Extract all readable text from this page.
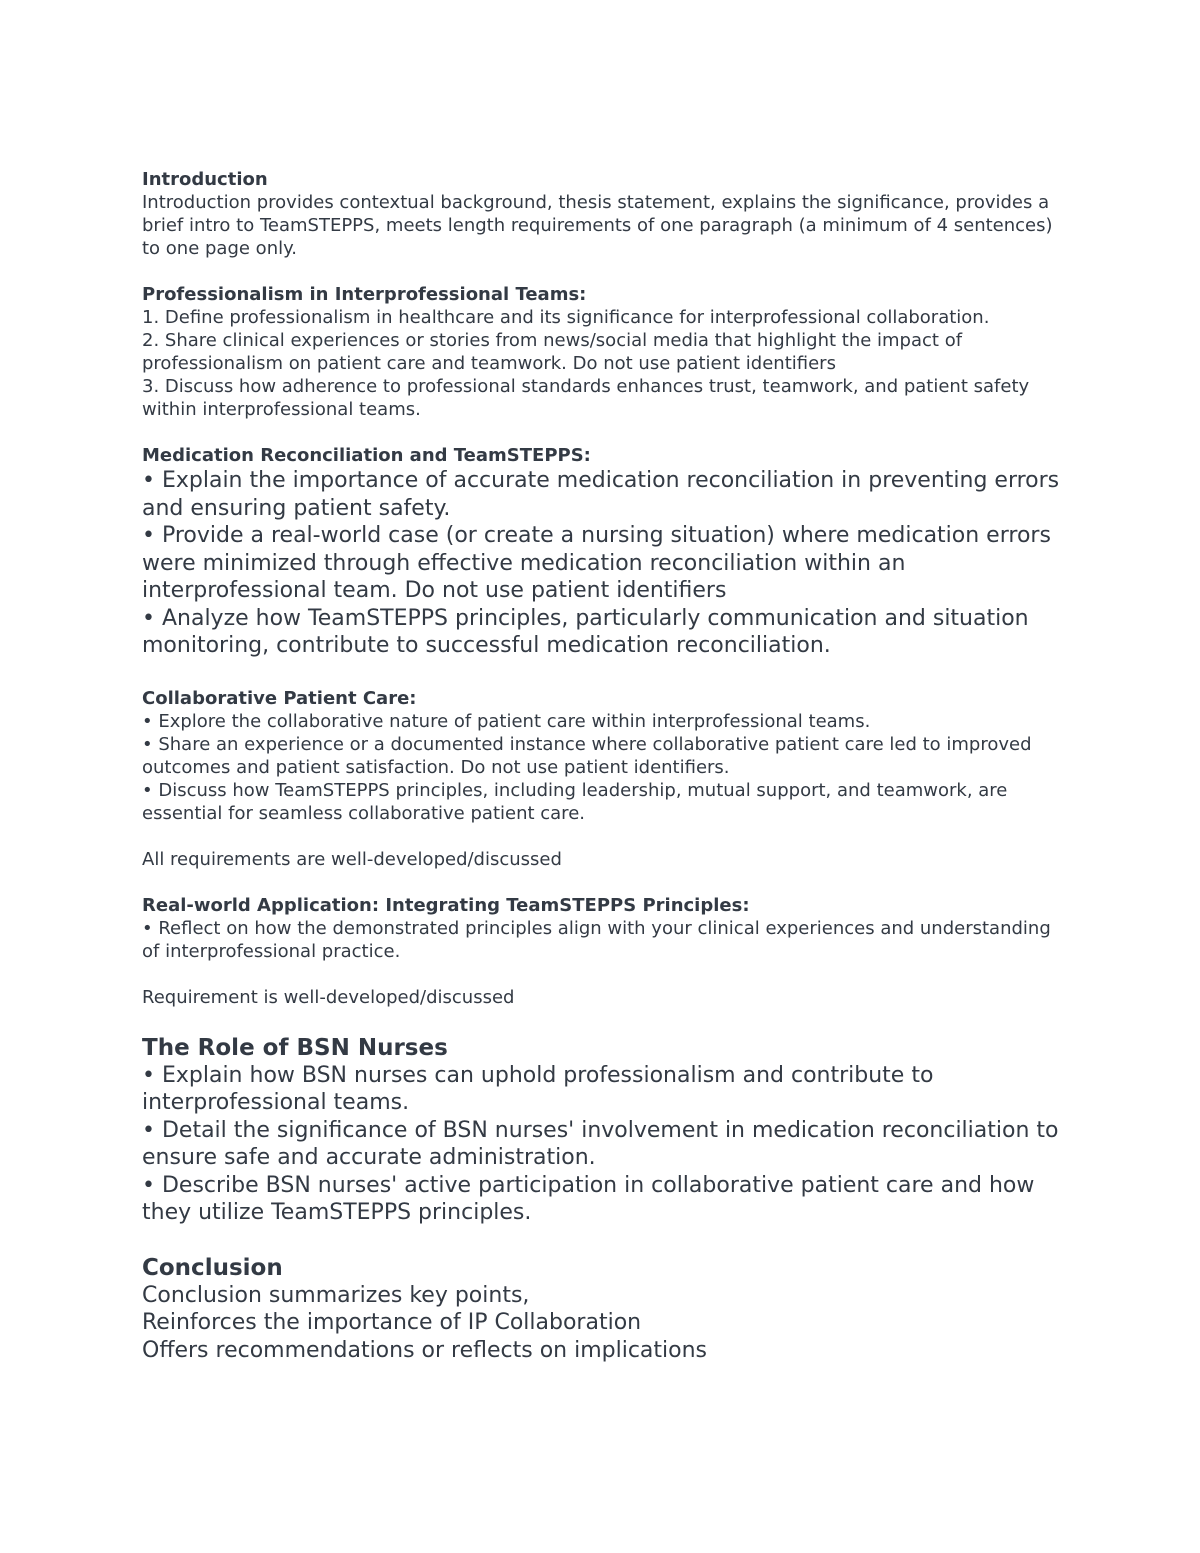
Introduction
Introduction provides contextual background, thesis statement, explains the significance, provides a brief intro to TeamSTEPPS, meets length requirements of one paragraph (a minimum of 4 sentences) to one page only.
Professionalism in Interprofessional Teams:
1. Define professionalism in healthcare and its significance for interprofessional collaboration.
2. Share clinical experiences or stories from news/social media that highlight the impact of professionalism on patient care and teamwork. Do not use patient identifiers
3. Discuss how adherence to professional standards enhances trust, teamwork, and patient safety within interprofessional teams.
Medication Reconciliation and TeamSTEPPS:
• Explain the importance of accurate medication reconciliation in preventing errors and ensuring patient safety.
• Provide a real-world case (or create a nursing situation) where medication errors were minimized through effective medication reconciliation within an interprofessional team. Do not use patient identifiers
• Analyze how TeamSTEPPS principles, particularly communication and situation monitoring, contribute to successful medication reconciliation.
Collaborative Patient Care:
• Explore the collaborative nature of patient care within interprofessional teams.
• Share an experience or a documented instance where collaborative patient care led to improved outcomes and patient satisfaction. Do not use patient identifiers.
• Discuss how TeamSTEPPS principles, including leadership, mutual support, and teamwork, are essential for seamless collaborative patient care.
All requirements are well-developed/discussed
Real-world Application: Integrating TeamSTEPPS Principles:
• Reflect on how the demonstrated principles align with your clinical experiences and understanding of interprofessional practice.
Requirement is well-developed/discussed
The Role of BSN Nurses
• Explain how BSN nurses can uphold professionalism and contribute to interprofessional teams.
• Detail the significance of BSN nurses' involvement in medication reconciliation to ensure safe and accurate administration.
• Describe BSN nurses' active participation in collaborative patient care and how they utilize TeamSTEPPS principles.
Conclusion
Conclusion summarizes key points,
Reinforces the importance of IP Collaboration
Offers recommendations or reflects on implications
